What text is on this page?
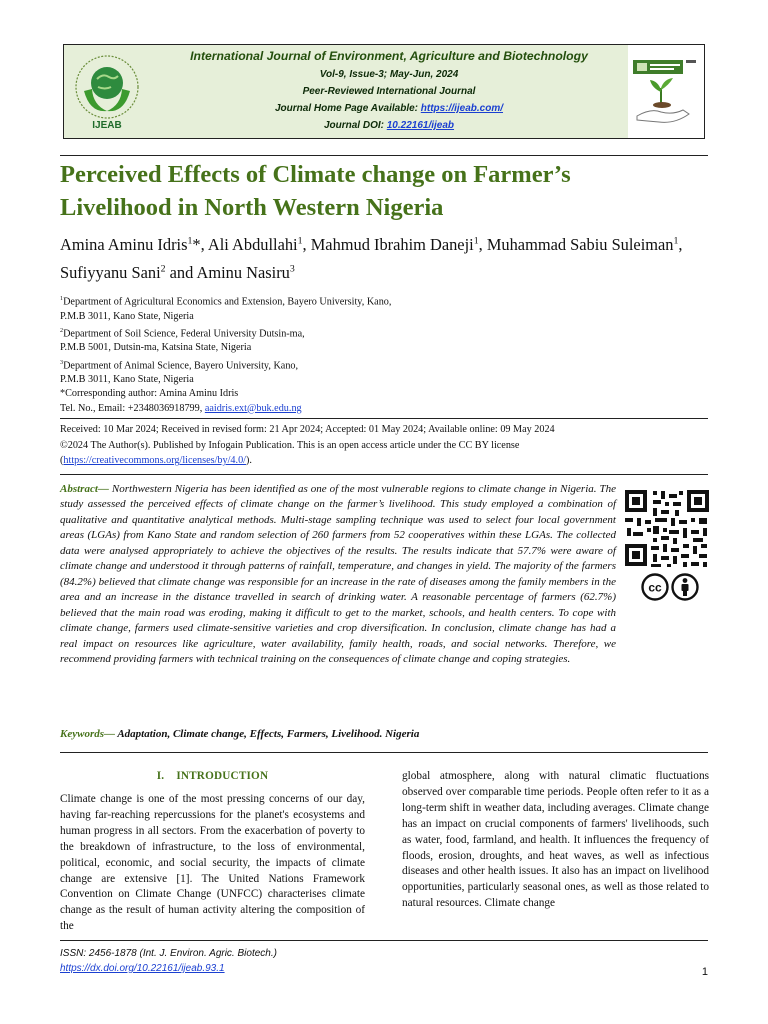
IJEAB
International Journal of Environment, Agriculture and Biotechnology
Vol-9, Issue-3; May-Jun, 2024
Peer-Reviewed International Journal
Journal Home Page Available: https://ijeab.com/
Journal DOI: 10.22161/ijeab
Perceived Effects of Climate change on Farmer’s
Livelihood in North Western Nigeria
Amina Aminu Idris$^1$*, Ali Abdullahi$^1$, Mahmud Ibrahim Daneji$^1$, Muhammad Sabiu Suleiman$^1$, Sufiyyanu Sani$^2$ and Aminu Nasiru$^3$
$^1$Department of Agricultural Economics and Extension, Bayero University, Kano,
P.M.B 3011, Kano State, Nigeria
$^2$Department of Soil Science, Federal University Dutsin-ma,
P.M.B 5001, Dutsin-ma, Katsina State, Nigeria
$^3$Department of Animal Science, Bayero University, Kano,
P.M.B 3011, Kano State, Nigeria
*Corresponding author: Amina Aminu Idris
Tel. No., Email: +2348036918799, aaidris.ext@buk.edu.ng
Received: 10 Mar 2024; Received in revised form: 21 Apr 2024; Accepted: 01 May 2024; Available online: 09 May 2024
©2024 The Author(s). Published by Infogain Publication. This is an open access article under the CC BY license
(https://creativecommons.org/licenses/by/4.0/).
Abstract— Northwestern Nigeria has been identified as one of the most vulnerable regions to climate change in Nigeria. The study assessed the perceived effects of climate change on the farmer’s livelihood. This study employed a combination of qualitative and quantitative analytical methods. Multi-stage sampling technique was used to select four local government areas (LGAs) from Kano State and random selection of 260 farmers from 52 cooperatives within these LGAs. The collected data were analysed appropriately to achieve the objectives of the results. The results indicate that 57.7% were aware of climate change and understood it through patterns of rainfall, temperature, and changes in yield. The majority of the farmers (84.2%) believed that climate change was responsible for an increase in the rate of diseases among the family members in the area and an increase in the distance travelled in search of drinking water. A reasonable percentage of farmers (62.7%) believed that the main road was eroding, making it difficult to get to the market, schools, and health centers. To cope with climate change, farmers used climate-sensitive varieties and crop diversification. In conclusion, climate change has had a real impact on resources like agriculture, water availability, family health, roads, and social networks. Therefore, we recommend providing farmers with technical training on the consequences of climate change and coping strategies.
cc
Keywords— Adaptation, Climate change, Effects, Farmers, Livelihood. Nigeria
I. INTRODUCTION
Climate change is one of the most pressing concerns of our day, having far-reaching repercussions for the planet's ecosystems and human progress in all sectors. From the exacerbation of poverty to the breakdown of infrastructure, to the loss of environmental, political, economic, and social security, the impacts of climate change are extensive [1]. The United Nations Framework Convention on Climate Change (UNFCC) characterises climate change as the result of human activity altering the composition of the
global atmosphere, along with natural climatic fluctuations observed over comparable time periods. People often refer to it as a long-term shift in weather data, including averages. Climate change has an impact on crucial components of farmers' livelihoods, such as water, food, farmland, and health. It influences the frequency of floods, erosion, droughts, and heat waves, as well as infectious diseases and other health issues. It also has an impact on livelihood opportunities, particularly seasonal ones, as well as those related to natural resources. Climate change
ISSN: 2456-1878 (Int. J. Environ. Agric. Biotech.)
https://dx.doi.org/10.22161/ijeab.93.1	1
